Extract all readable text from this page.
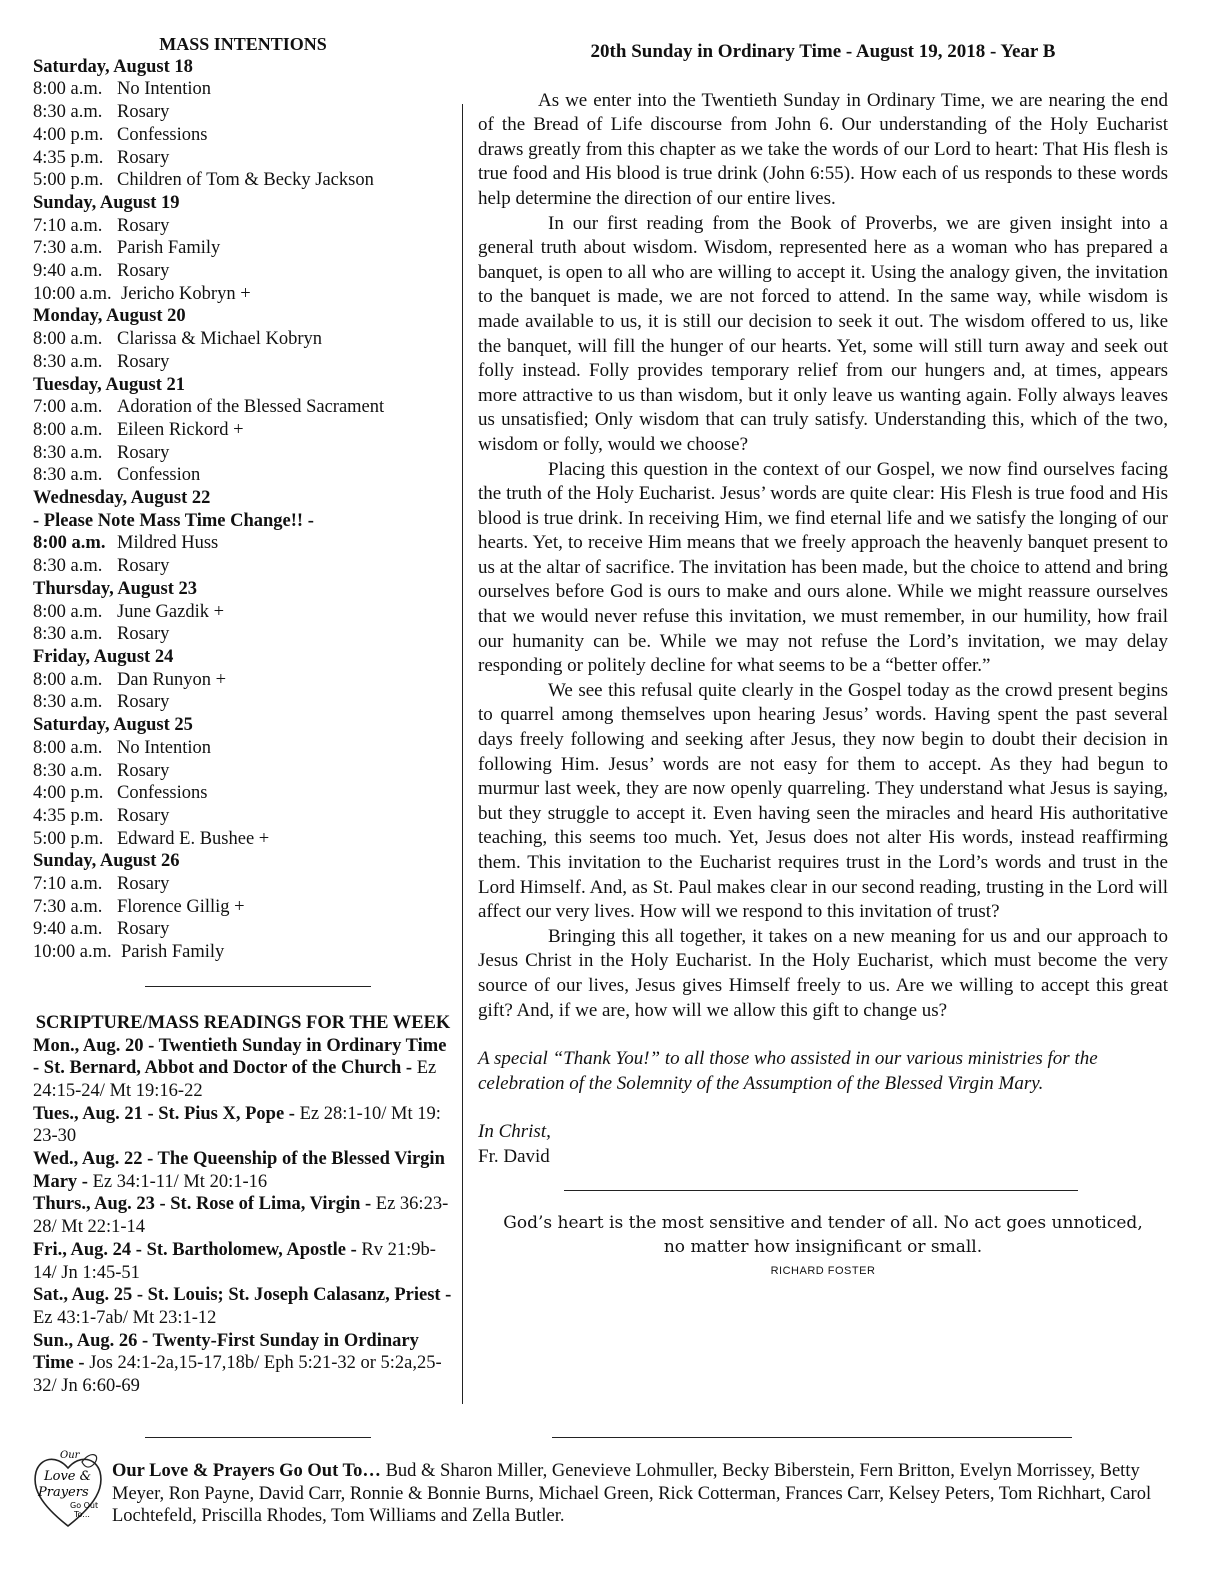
MASS INTENTIONS
Saturday, August 18
8:00 a.m. No Intention
8:30 a.m. Rosary
4:00 p.m. Confessions
4:35 p.m. Rosary
5:00 p.m. Children of Tom & Becky Jackson
Sunday, August 19
7:10 a.m. Rosary
7:30 a.m. Parish Family
9:40 a.m. Rosary
10:00 a.m. Jericho Kobryn +
Monday, August 20
8:00 a.m. Clarissa & Michael Kobryn
8:30 a.m. Rosary
Tuesday, August 21
7:00 a.m. Adoration of the Blessed Sacrament
8:00 a.m. Eileen Rickord +
8:30 a.m. Rosary
8:30 a.m. Confession
Wednesday, August 22
- Please Note Mass Time Change!! -
8:00 a.m. Mildred Huss
8:30 a.m. Rosary
Thursday, August 23
8:00 a.m. June Gazdik +
8:30 a.m. Rosary
Friday, August 24
8:00 a.m. Dan Runyon +
8:30 a.m. Rosary
Saturday, August 25
8:00 a.m. No Intention
8:30 a.m. Rosary
4:00 p.m. Confessions
4:35 p.m. Rosary
5:00 p.m. Edward E. Bushee +
Sunday, August 26
7:10 a.m. Rosary
7:30 a.m. Florence Gillig +
9:40 a.m. Rosary
10:00 a.m. Parish Family
SCRIPTURE/MASS READINGS FOR THE WEEK
Mon., Aug. 20 - Twentieth Sunday in Ordinary Time - St. Bernard, Abbot and Doctor of the Church - Ez 24:15-24/ Mt 19:16-22
Tues., Aug. 21 - St. Pius X, Pope - Ez 28:1-10/ Mt 19: 23-30
Wed., Aug. 22 - The Queenship of the Blessed Virgin Mary - Ez 34:1-11/ Mt 20:1-16
Thurs., Aug. 23 - St. Rose of Lima, Virgin - Ez 36:23-28/ Mt 22:1-14
Fri., Aug. 24 - St. Bartholomew, Apostle - Rv 21:9b-14/ Jn 1:45-51
Sat., Aug. 25 - St. Louis; St. Joseph Calasanz, Priest - Ez 43:1-7ab/ Mt 23:1-12
Sun., Aug. 26 - Twenty-First Sunday in Ordinary Time - Jos 24:1-2a,15-17,18b/ Eph 5:21-32 or 5:2a,25-32/ Jn 6:60-69
20th Sunday in Ordinary Time - August 19, 2018 - Year B

As we enter into the Twentieth Sunday in Ordinary Time, we are nearing the end of the Bread of Life discourse from John 6. Our understanding of the Holy Eucharist draws greatly from this chapter as we take the words of our Lord to heart: That His flesh is true food and His blood is true drink (John 6:55). How each of us responds to these words help determine the direction of our entire lives.

In our first reading from the Book of Proverbs, we are given insight into a general truth about wisdom. Wisdom, represented here as a woman who has prepared a banquet, is open to all who are willing to accept it. Using the analogy given, the invitation to the banquet is made, we are not forced to attend. In the same way, while wisdom is made available to us, it is still our decision to seek it out. The wisdom offered to us, like the banquet, will fill the hunger of our hearts. Yet, some will still turn away and seek out folly instead. Folly provides temporary relief from our hungers and, at times, appears more attractive to us than wisdom, but it only leave us wanting again. Folly always leaves us unsatisfied; Only wisdom that can truly satisfy. Understanding this, which of the two, wisdom or folly, would we choose?

Placing this question in the context of our Gospel, we now find ourselves facing the truth of the Holy Eucharist. Jesus’ words are quite clear: His Flesh is true food and His blood is true drink. In receiving Him, we find eternal life and we satisfy the longing of our hearts. Yet, to receive Him means that we freely approach the heavenly banquet present to us at the altar of sacrifice. The invitation has been made, but the choice to attend and bring ourselves before God is ours to make and ours alone. While we might reassure ourselves that we would never refuse this invitation, we must remember, in our humility, how frail our humanity can be. While we may not refuse the Lord’s invitation, we may delay responding or politely decline for what seems to be a “better offer.”

We see this refusal quite clearly in the Gospel today as the crowd present begins to quarrel among themselves upon hearing Jesus’ words. Having spent the past several days freely following and seeking after Jesus, they now begin to doubt their decision in following Him. Jesus’ words are not easy for them to accept. As they had begun to murmur last week, they are now openly quarreling. They understand what Jesus is saying, but they struggle to accept it. Even having seen the miracles and heard His authoritative teaching, this seems too much. Yet, Jesus does not alter His words, instead reaffirming them. This invitation to the Eucharist requires trust in the Lord’s words and trust in the Lord Himself. And, as St. Paul makes clear in our second reading, trusting in the Lord will affect our very lives. How will we respond to this invitation of trust?

Bringing this all together, it takes on a new meaning for us and our approach to Jesus Christ in the Holy Eucharist. In the Holy Eucharist, which must become the very source of our lives, Jesus gives Himself freely to us. Are we willing to accept this great gift? And, if we are, how will we allow this gift to change us?

A special “Thank You!” to all those who assisted in our various ministries for the celebration of the Solemnity of the Assumption of the Blessed Virgin Mary.
In Christ,
Fr. David
God’s heart is the most sensitive and tender of all. No act goes unnoticed,
no matter how insignificant or small.
RICHARD FOSTER
Our
Love &
Prayers
Go Out
To...
Our Love & Prayers Go Out To… Bud & Sharon Miller, Genevieve Lohmuller, Becky Biberstein, Fern Britton, Evelyn Morrissey, Betty Meyer, Ron Payne, David Carr, Ronnie & Bonnie Burns, Michael Green, Rick Cotterman, Frances Carr, Kelsey Peters, Tom Richhart, Carol Lochtefeld, Priscilla Rhodes, Tom Williams and Zella Butler.
